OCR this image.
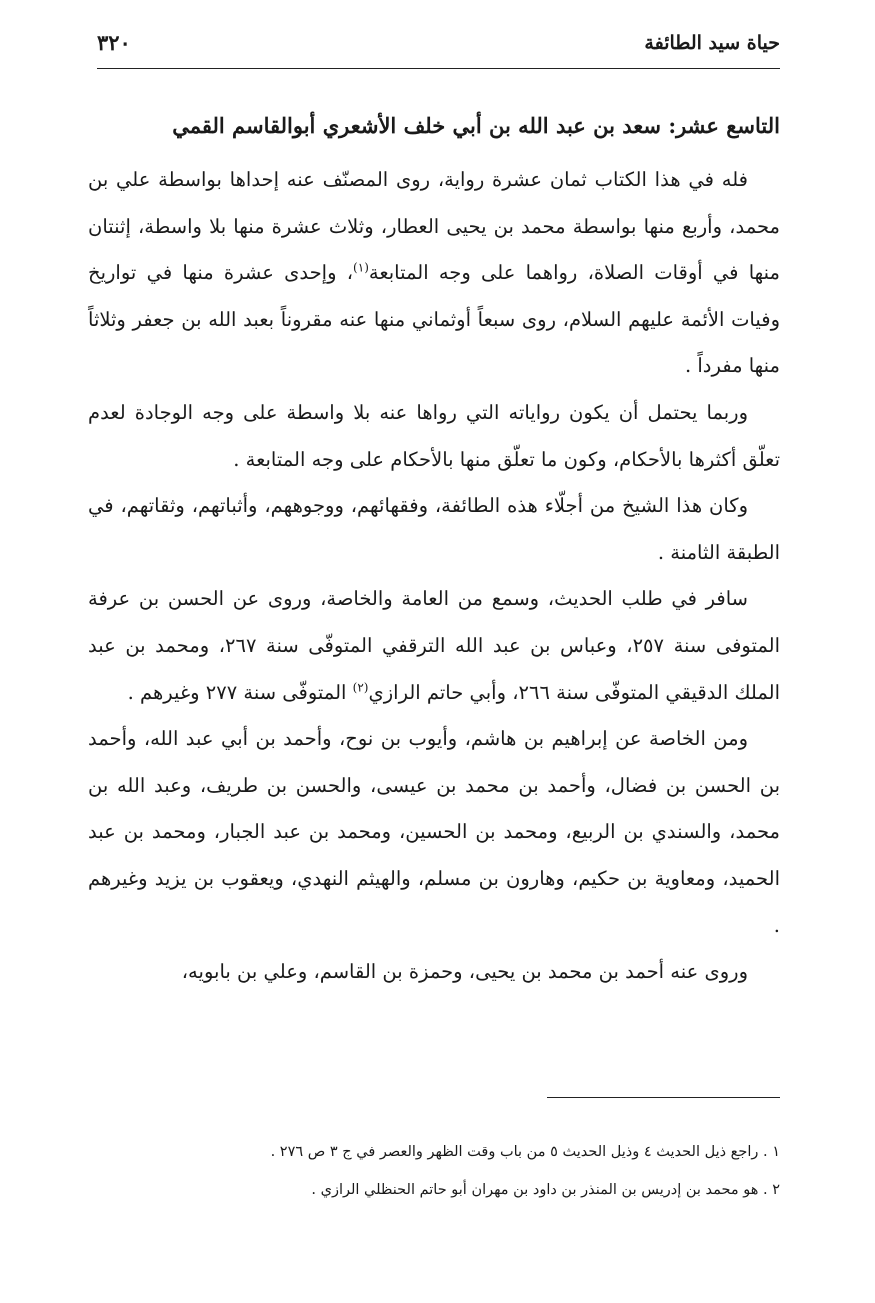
حياة سيد الطائفة
٣٢٠
التاسع عشر: سعد بن عبد الله بن أبي خلف الأشعري أبوالقاسم القمي

فله في هذا الكتاب ثمان عشرة رواية، روى المصنّف عنه إحداها بواسطة علي بن محمد، وأربع منها بواسطة محمد بن يحيى العطار، وثلاث عشرة منها بلا واسطة، إثنتان منها في أوقات الصلاة، رواهما على وجه المتابعة$^{(١)}$، وإحدى عشرة منها في تواريخ وفيات الأئمة عليهم السلام، روى سبعاً أوثماني منها عنه مقروناً بعبد الله بن جعفر وثلاثاً منها مفرداً .

وربما يحتمل أن يكون رواياته التي رواها عنه بلا واسطة على وجه الوجادة لعدم تعلّق أكثرها بالأحكام، وكون ما تعلّق منها بالأحكام على وجه المتابعة .

وكان هذا الشيخ من أجلّاء هذه الطائفة، وفقهائهم، ووجوههم، وأثباتهم، وثقاتهم، في الطبقة الثامنة .

سافر في طلب الحديث، وسمع من العامة والخاصة، وروى عن الحسن بن عرفة المتوفى سنة ٢٥٧، وعباس بن عبد الله الترقفي المتوفّى سنة ٢٦٧، ومحمد بن عبد الملك الدقيقي المتوفّى سنة ٢٦٦، وأبي حاتم الرازي$^{(٢)}$ المتوفّى سنة ٢٧٧ وغيرهم .

ومن الخاصة عن إبراهيم بن هاشم، وأيوب بن نوح، وأحمد بن أبي عبد الله، وأحمد بن الحسن بن فضال، وأحمد بن محمد بن عيسى، والحسن بن طريف، وعبد الله بن محمد، والسندي بن الربيع، ومحمد بن الحسين، ومحمد بن عبد الجبار، ومحمد بن عبد الحميد، ومعاوية بن حكيم، وهارون بن مسلم، والهيثم النهدي، ويعقوب بن يزيد وغيرهم .

وروى عنه أحمد بن محمد بن يحيى، وحمزة بن القاسم، وعلي بن بابويه،

١ . راجع ذيل الحديث ٤ وذيل الحديث ٥ من باب وقت الظهر والعصر في ج ٣ ص ٢٧٦ .

٢ . هو محمد بن إدريس بن المنذر بن داود بن مهران أبو حاتم الحنظلي الرازي .
